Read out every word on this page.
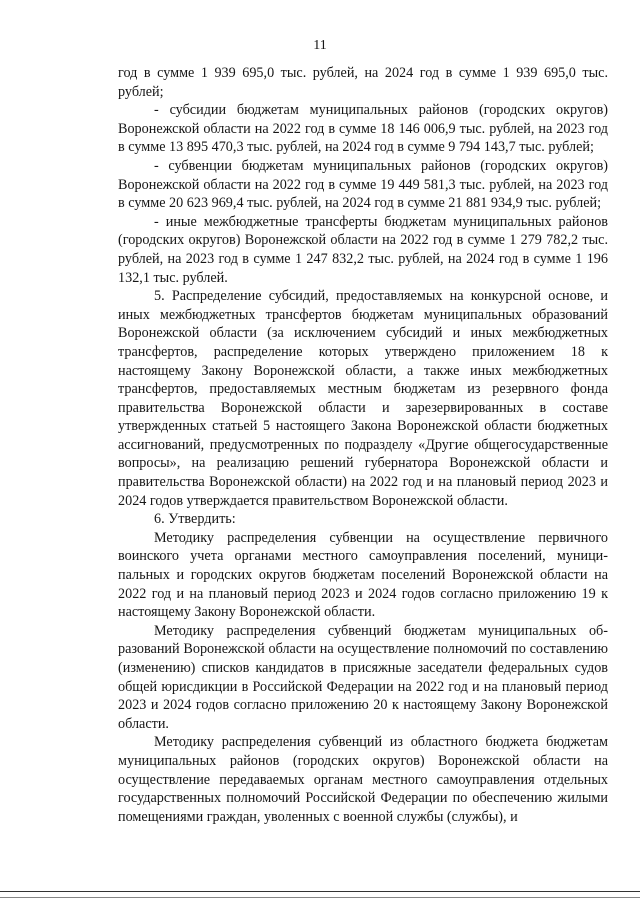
11

год в сумме 1 939 695,0 тыс. рублей, на 2024 год в сумме 1 939 695,0 тыс. рублей;

- субсидии бюджетам муниципальных районов (городских округов) Воронежской области на 2022 год в сумме 18 146 006,9 тыс. рублей, на 2023 год в сумме 13 895 470,3 тыс. рублей, на 2024 год в сумме 9 794 143,7 тыс. рублей;

- субвенции бюджетам муниципальных районов (городских округов) Воронежской области на 2022 год в сумме 19 449 581,3 тыс. рублей, на 2023 год в сумме 20 623 969,4 тыс. рублей, на 2024 год в сумме 21 881 934,9 тыс. рублей;

- иные межбюджетные трансферты бюджетам муниципальных районов (городских округов) Воронежской области на 2022 год в сумме 1 279 782,2 тыс. рублей, на 2023 год в сумме 1 247 832,2 тыс. рублей, на 2024 год в сумме 1 196 132,1 тыс. рублей.

5. Распределение субсидий, предоставляемых на конкурсной основе, и иных межбюджетных трансфертов бюджетам муниципальных образований Воронежской области (за исключением субсидий и иных межбюджетных трансфертов, распределение которых утверждено приложением 18 к настоящему Закону Воронежской области, а также иных межбюджетных трансфертов, предоставляемых местным бюджетам из резервного фонда правительства Воронежской области и зарезервированных в составе утвержденных статьей 5 настоящего Закона Воронежской области бюджетных ассигнований, предусмотренных по подразделу «Другие общегосударственные вопросы», на реализацию решений губернатора Воронежской области и правительства Воронежской области) на 2022 год и на плановый период 2023 и 2024 годов утверждается правительством Воронежской области.

6. Утвердить:

Методику распределения субвенции на осуществление первичного воинского учета органами местного самоуправления поселений, муниципальных и городских округов бюджетам поселений Воронежской области на 2022 год и на плановый период 2023 и 2024 годов согласно приложению 19 к настоящему Закону Воронежской области.

Методику распределения субвенций бюджетам муниципальных образований Воронежской области на осуществление полномочий по составлению (изменению) списков кандидатов в присяжные заседатели федеральных судов общей юрисдикции в Российской Федерации на 2022 год и на плановый период 2023 и 2024 годов согласно приложению 20 к настоящему Закону Воронежской области.

Методику распределения субвенций из областного бюджета бюджетам муниципальных районов (городских округов) Воронежской области на осуществление передаваемых органам местного самоуправления отдельных государственных полномочий Российской Федерации по обеспечению жилыми помещениями граждан, уволенных с военной службы (службы), и
